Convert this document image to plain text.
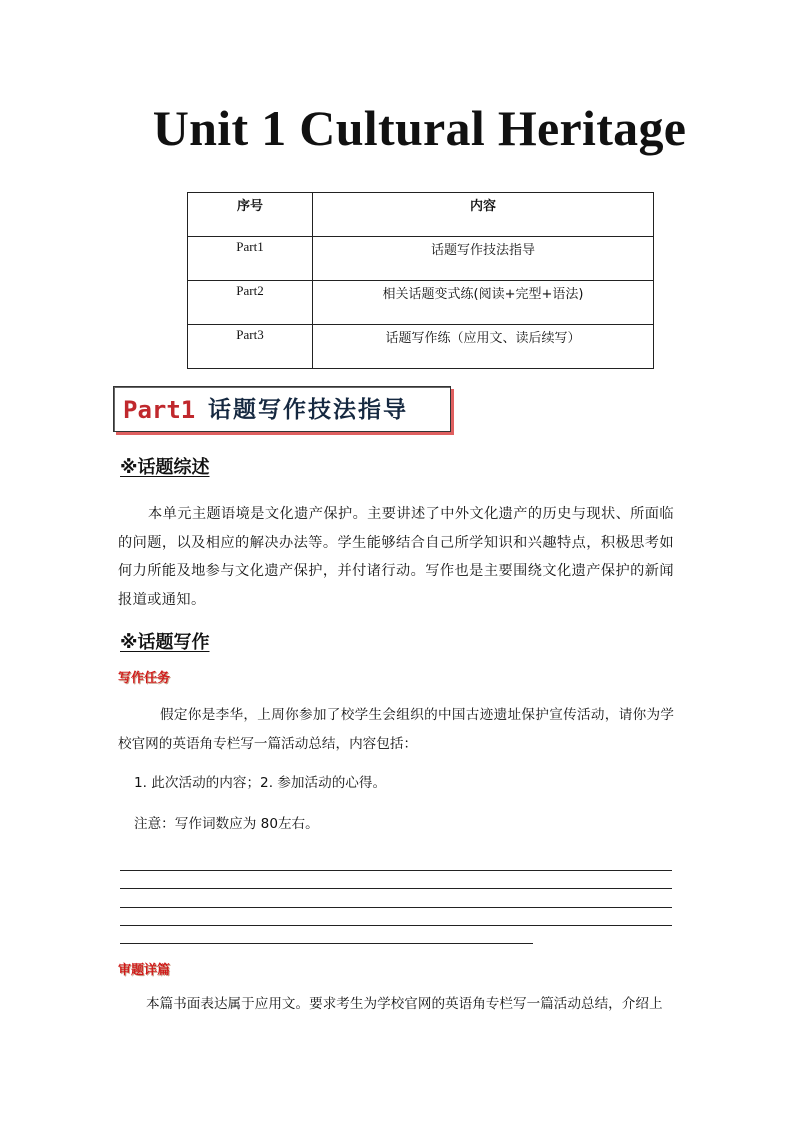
Unit 1 Cultural Heritage
序号	内容
Part1	话题写作技法指导
Part2	相关话题变式练(阅读+完型+语法)
Part3	话题写作练（应用文、读后续写）
Part1 话题写作技法指导
※话题综述
本单元主题语境是文化遗产保护。主要讲述了中外文化遗产的历史与现状、所面临的问题，以及相应的解决办法等。学生能够结合自己所学知识和兴趣特点，积极思考如何力所能及地参与文化遗产保护，并付诸行动。写作也是主要围绕文化遗产保护的新闻报道或通知。
※话题写作
写作任务
假定你是李华，上周你参加了校学生会组织的中国古迹遗址保护宣传活动，请你为学校官网的英语角专栏写一篇活动总结，内容包括：
1. 此次活动的内容；2. 参加活动的心得。
注意：写作词数应为 80左右。
审题详篇
本篇书面表达属于应用文。要求考生为学校官网的英语角专栏写一篇活动总结，介绍上
